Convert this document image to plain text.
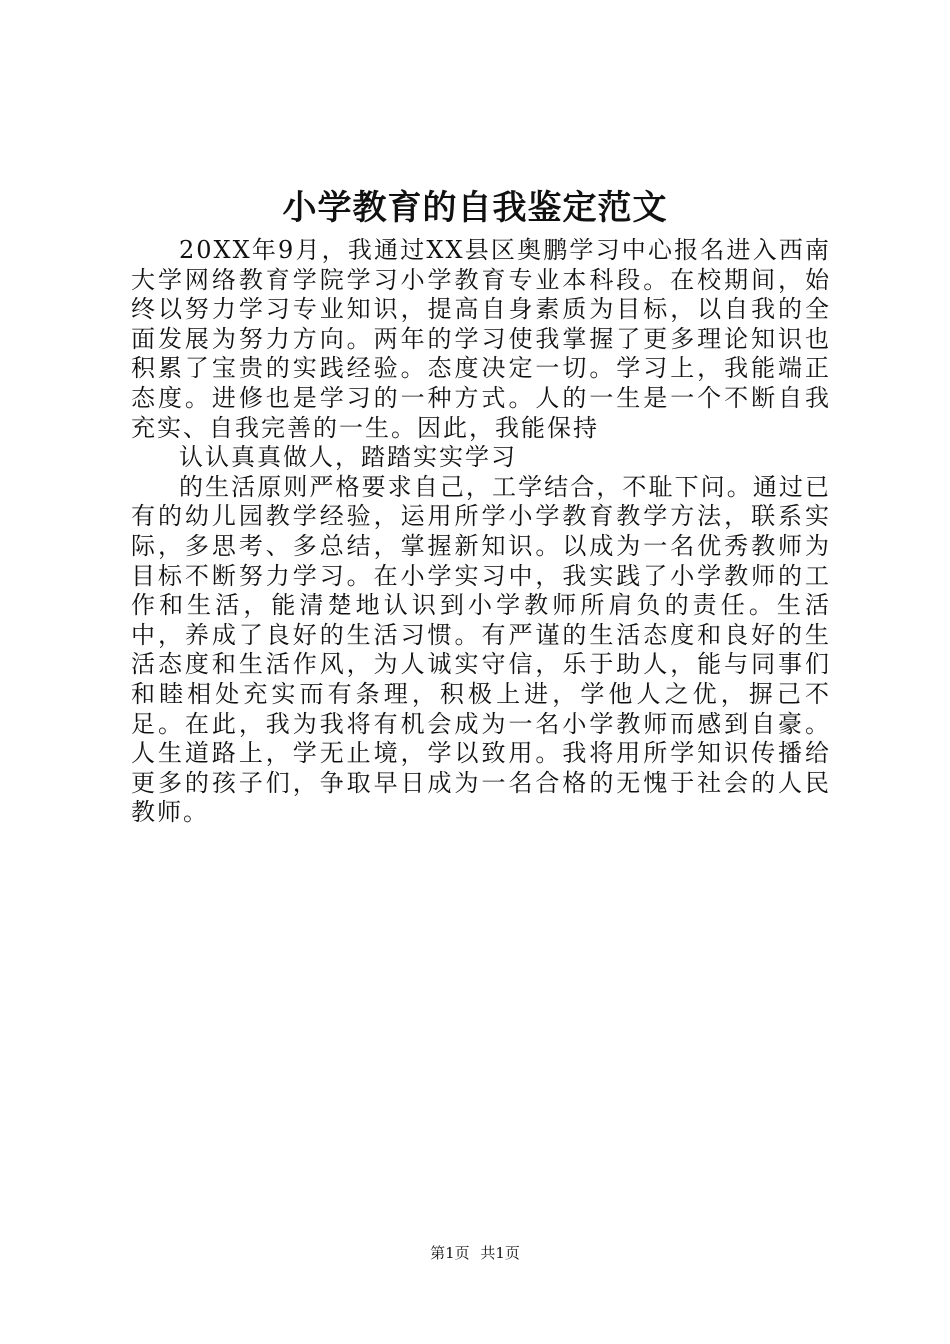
小学教育的自我鉴定范文

20XX年9月，我通过XX县区奥鹏学习中心报名进入西南大学网络教育学院学习小学教育专业本科段。在校期间，始终以努力学习专业知识，提高自身素质为目标，以自我的全面发展为努力方向。两年的学习使我掌握了更多理论知识也积累了宝贵的实践经验。态度决定一切。学习上，我能端正态度。进修也是学习的一种方式。人的一生是一个不断自我充实、自我完善的一生。因此，我能保持

认认真真做人，踏踏实实学习

的生活原则严格要求自己，工学结合，不耻下问。通过已有的幼儿园教学经验，运用所学小学教育教学方法，联系实际，多思考、多总结，掌握新知识。以成为一名优秀教师为目标不断努力学习。在小学实习中，我实践了小学教师的工作和生活，能清楚地认识到小学教师所肩负的责任。生活中，养成了良好的生活习惯。有严谨的生活态度和良好的生活态度和生活作风，为人诚实守信，乐于助人，能与同事们和睦相处充实而有条理，积极上进，学他人之优，摒己不足。在此，我为我将有机会成为一名小学教师而感到自豪。人生道路上，学无止境，学以致用。我将用所学知识传播给更多的孩子们，争取早日成为一名合格的无愧于社会的人民教师。

第1页 共1页
